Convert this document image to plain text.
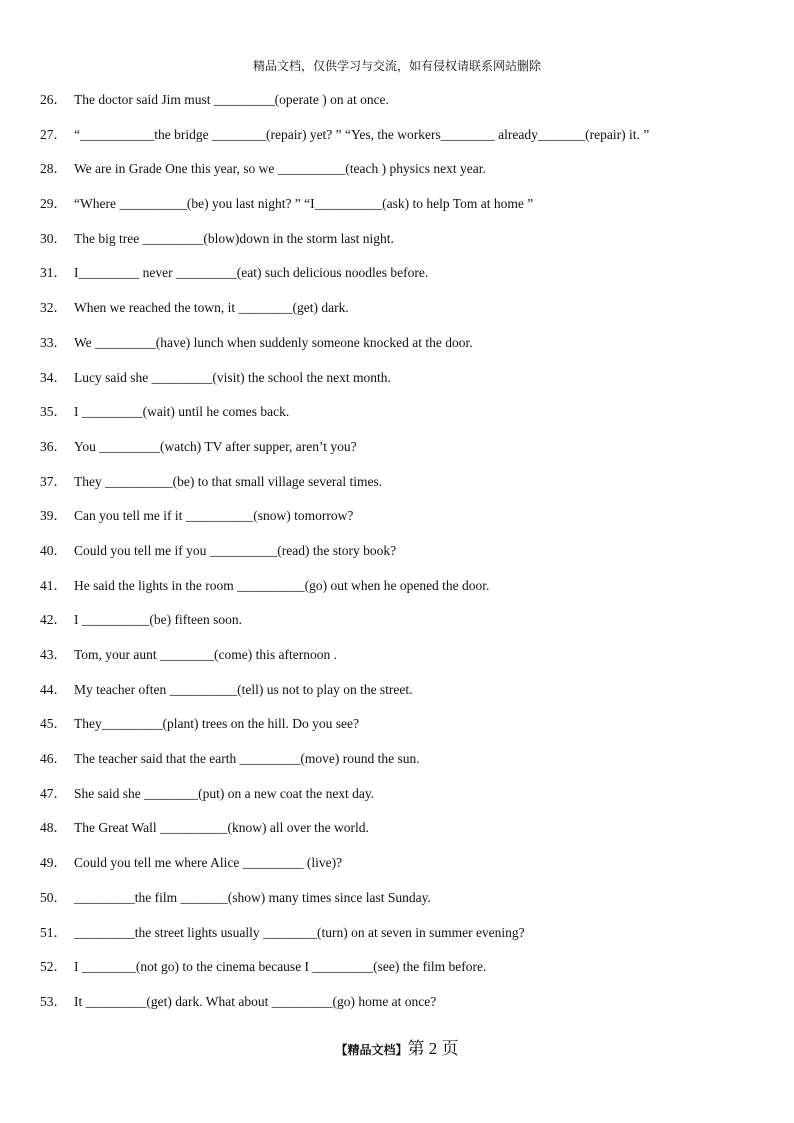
精品文档，仅供学习与交流，如有侵权请联系网站删除
26． The doctor said Jim must _________(operate ) on at once.
27． “___________the bridge ________(repair) yet? ” “Yes, the workers________ already_______(repair) it. ”
28． We are in Grade One this year, so we __________(teach ) physics next year.
29． “Where __________(be) you last night? ” “I__________(ask) to help Tom at home ”
30． The big tree _________(blow)down in the storm last night.
31． I_________ never _________(eat) such delicious noodles before.
32． When we reached the town, it ________(get) dark.
33． We _________(have) lunch when suddenly someone knocked at the door.
34． Lucy said she _________(visit) the school the next month.
35． I _________(wait) until he comes back.
36． You _________(watch) TV after supper, aren’t you?
37． They __________(be) to that small village several times.
39． Can you tell me if it __________(snow) tomorrow?
40． Could you tell me if you __________(read) the story book?
41． He said the lights in the room __________(go) out when he opened the door.
42． I __________(be) fifteen soon.
43． Tom, your aunt ________(come) this afternoon .
44． My teacher often __________(tell) us not to play on the street.
45． They_________(plant) trees on the hill. Do you see?
46． The teacher said that the earth _________(move) round the sun.
47． She said she ________(put) on a new coat the next day.
48． The Great Wall __________(know) all over the world.
49． Could you tell me where Alice _________ (live)?
50． _________the film _______(show) many times since last Sunday.
51． _________the street lights usually ________(turn) on at seven in summer evening?
52． I ________(not go) to the cinema because I _________(see) the film before.
53． It _________(get) dark. What about _________(go) home at once?
【精品文档】第 2 页
